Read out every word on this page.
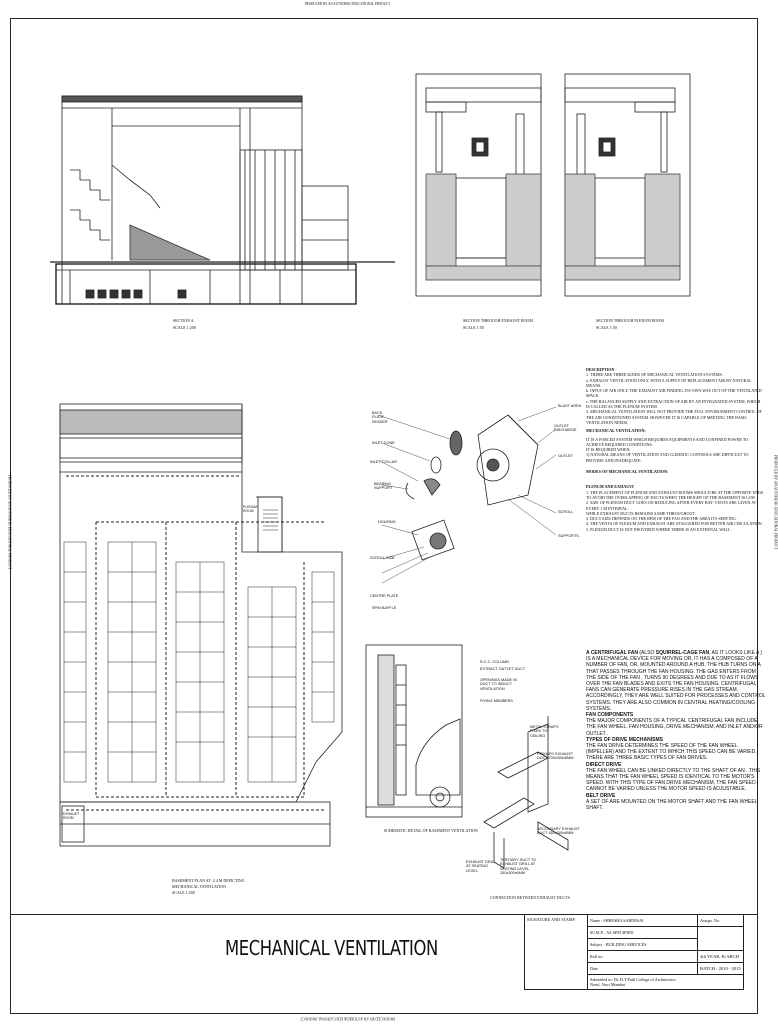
PRODUCED BY AN AUTODESK EDUCATIONAL PRODUCT
PRODUCED BY AN AUTODESK EDUCATIONAL PRODUCT
PRODUCED BY AN AUTODESK EDUCATIONAL PRODUCT	PRODUCED BY AN AUTODESK EDUCATIONAL PRODUCT
SECTION A
SCALE 1:200
SECTION THROUGH EXHAUST ROOM
SCALE 1:50
SECTION THROUGH PLENUM ROOM
SCALE 1:50
PLENUM ROOM
EXHAUST ROOM
BASEMENT PLAN AT -2.4 M DEPICTING
MECHANICAL VENTILATION
SCALE 1:200
BACK PLATE SEADER
INLET CONE
INLET COLLAR
BEARING SUPPORT
HOUSING
SCROLL SIDE
CENTRE PLATE
SPIN BAFFLE
BLAST AREA
OUTLET DISCHARGE
OUTLET
SCROLL
SUPPORTS
R.C.C. COLUMN
EXTRACT OUTLET DUCT
OPENINGS MADE IN DUCT TO INDUCT VENTILATION
FIXING MEMBERS
SCHEMATIC DETAIL OF BASEMENT VENTILATION
METAL STRAPS FIXED TO CEILING
PRIMARY EXHAUST DUCT 700x300x6MM
SECONDARY EXHAUST DUCT 450x300x6MM
EXHAUST GRILL AT SEATING LEVEL
TERTIARY DUCT TO EXHAUST GRILL AT SEATING LEVEL 250x300x6MM
CONNECTION BETWEEN EXHAUST DUCTS
DESCRIPTION
1. THERE ARE THREE KINDS OF MECHANICAL VENTILATION SYSTEMS .
a. EXHAUST VENTILATION ONLY, WITH A SUPPLY OF REPLACEMENT AIR BY NATURAL MEANS.
b. INPUT OF AIR ONLY. THE EXHAUST AIR FINDING ITS OWN WAY OUT OF THE VENTILATED SPACE.
c. THE BALANCED SUPPLY AND EXTRACTION OF AIR BY AN INTEGRATED SYSTEM, WHICH IS CALLED AS THE PLENUM SYSTEM
2. MECHANICAL VENTILATION WILL NOT PROVIDE THE FULL ENVIRONMENT CONTROL OF THE AIR CONDITIONED SYSTEM. HOWEVER IT IS CAPABLE OF MEETING THE BASIC VENTILATION NEEDS.
MECHANICAL VENTILATION:
IT IS A FORCED SYSTEM WHICH REQUIRES EQUIPMENTS AND CONFINED POWER TO ACHIEVE REQUIRED CONDITIONS.
IT IS REQUIRED WHEN:
1) NATURAL MEANS OF VENTILATION AND CLIMATIC CONTROLS ARE DIFFICULT TO PROVIDE AND INADEQUATE.
MODES OF MECHANICAL VENTILATION:
PLENUM AND EXHAUST
1. THE PLACEMENT OF PLENUM AND EXHAUST ROOMS SHOULD BE AT THE OPPOSITE ENDS TO AVOID THE OVERLAPPING OF DUCTS WHEN THE HEIGHT OF THE BASEMENT IS LOW
2. SIZE OF PLENUM DUCT GOES ON REDUCING AFTER EVERY BAY. VENTS ARE GIVEN AT EVERY 1 M INTERVAL.
WHILE EXHAUST DUCTS REMAINS SAME THROUGHOUT.
3. DUCT SIZE DEPENDS ON THE RPM OF THE FAN AND THE AREA ITS SERVING.
4. THE VENTS OF PLENUM AND EXHAUST ARE STAGGERED FOR BETTER AIR CIRCULATION.
5. PLENUM DUCT IS NOT PROVIDED WHERE THERE IS AN EXTERNAL WALL.
A CENTRIFUGAL FAN (ALSO SQUIRREL-CAGE FAN, AS IT LOOKS LIKE A ) IS A MECHANICAL DEVICE FOR MOVING OR, IT HAS A COMPOSED OF A NUMBER OF FAN, OR, MOUNTED AROUND A HUB. THE HUB TURNS ON A THAT PASSES THROUGH THE FAN HOUSING. THE GAS ENTERS FROM THE SIDE OF THE FAN , TURNS 90 DEGREES AND DUE TO AS IT FLOWS OVER THE FAN BLADES AND EXITS THE FAN HOUSING. CENTRIFUGAL FANS CAN GENERATE PRESSURE RISES IN THE GAS STREAM. ACCORDINGLY, THEY ARE WELL SUITED FOR PROCESSES AND CONTROL SYSTEMS. THEY ARE ALSO COMMON IN CENTRAL HEATING/COOLING SYSTEMS.
FAN COMPONENTS
THE MAJOR COMPONENTS OF A TYPICAL CENTRIFUGAL FAN INCLUDE THE FAN WHEEL, FAN HOUSING, DRIVE MECHANISM, AND INLET AND/OR OUTLET .
TYPES OF DRIVE MECHANISMS
THE FAN DRIVE DETERMINES THE SPEED OF THE FAN WHEEL (IMPELLER) AND THE EXTENT TO WHICH THIS SPEED CAN BE VARIED. THERE ARE THREE BASIC TYPES OF FAN DRIVES.
DIRECT DRIVE
THE FAN WHEEL CAN BE LINKED DIRECTLY TO THE SHAFT OF AN . THIS MEANS THAT THE FAN WHEEL SPEED IS IDENTICAL TO THE MOTOR'S SPEED. WITH THIS TYPE OF FAN DRIVE MECHANISM, THE FAN SPEED CANNOT BE VARIED UNLESS THE MOTOR SPEED IS ADJUSTABLE.
BELT DRIVE
A SET OF ARE MOUNTED ON THE MOTOR SHAFT AND THE FAN WHEEL SHAFT.
MECHANICAL VENTILATION
SIGNATURE AND STAMP	Name : SHRESHA SARDESAI	Assign. No.
	SCALE : AS SPECIFIED	
	Subject : BUILDING SERVICES	
	Roll no.	4th YEAR, B-ARCH
	Date	BATCH : 2010 - 2015

	Submitted to: Dr. D.Y.Patil College of Architecture
Nerul, Navi Mumbai	
